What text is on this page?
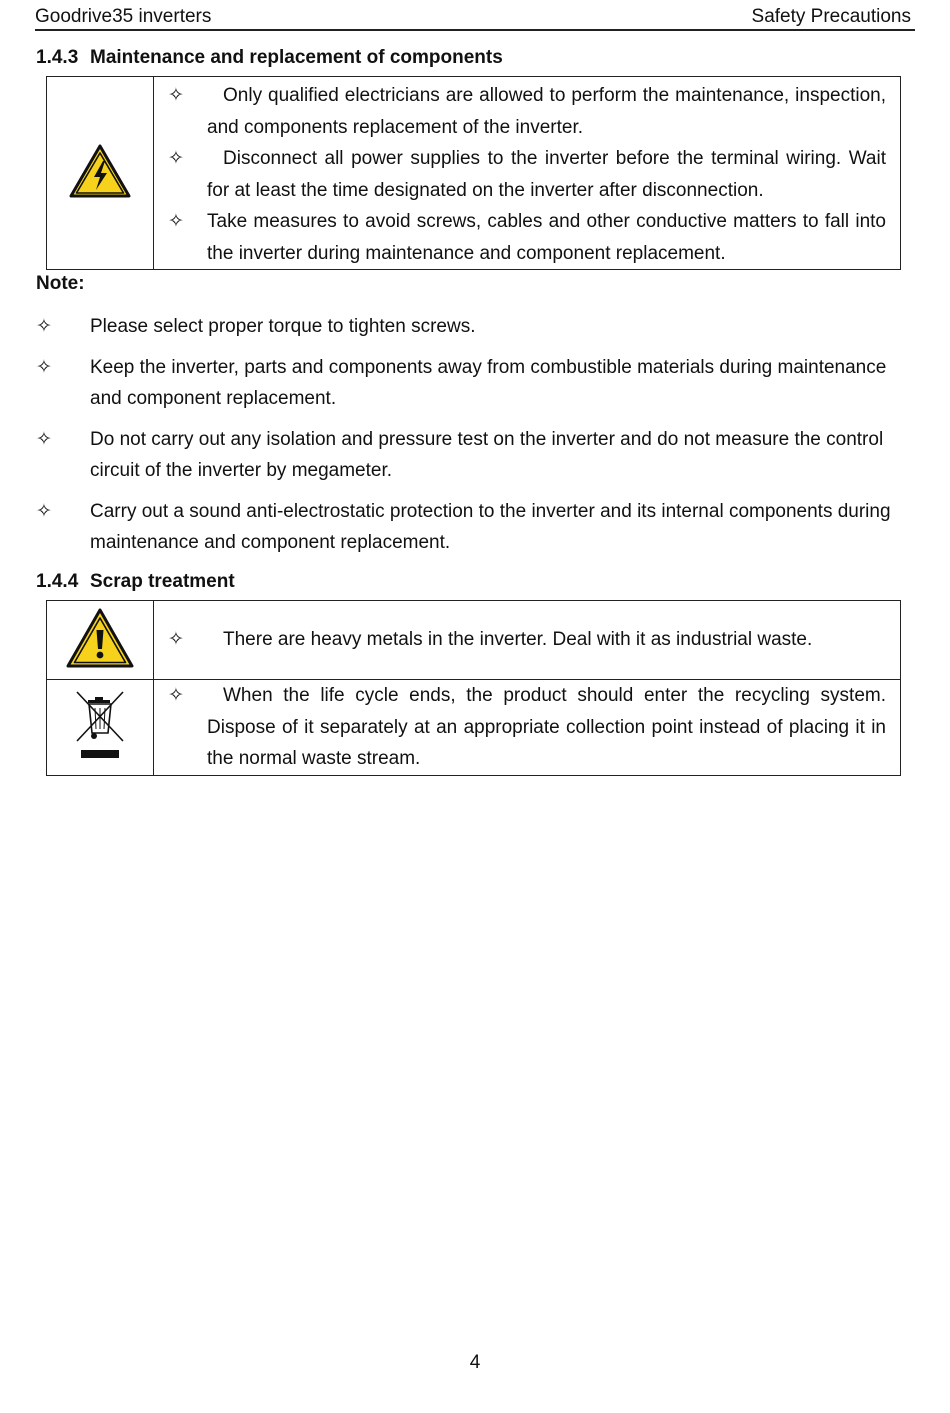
Goodrive35 inverters	Safety Precautions
1.4.3 Maintenance and replacement of components

✧ Only qualified electricians are allowed to perform the maintenance, inspection, and components replacement of the inverter.
✧ Disconnect all power supplies to the inverter before the terminal wiring. Wait for at least the time designated on the inverter after disconnection.
✧ Take measures to avoid screws, cables and other conductive matters to fall into the inverter during maintenance and component replacement.
Note:
✧ Please select proper torque to tighten screws.
✧ Keep the inverter, parts and components away from combustible materials during maintenance and component replacement.
✧ Do not carry out any isolation and pressure test on the inverter and do not measure the control circuit of the inverter by megameter.
✧ Carry out a sound anti-electrostatic protection to the inverter and its internal components during maintenance and component replacement.
1.4.4 Scrap treatment

✧ There are heavy metals in the inverter. Deal with it as industrial waste.

✧ When the life cycle ends, the product should enter the recycling system. Dispose of it separately at an appropriate collection point instead of placing it in the normal waste stream.
4
